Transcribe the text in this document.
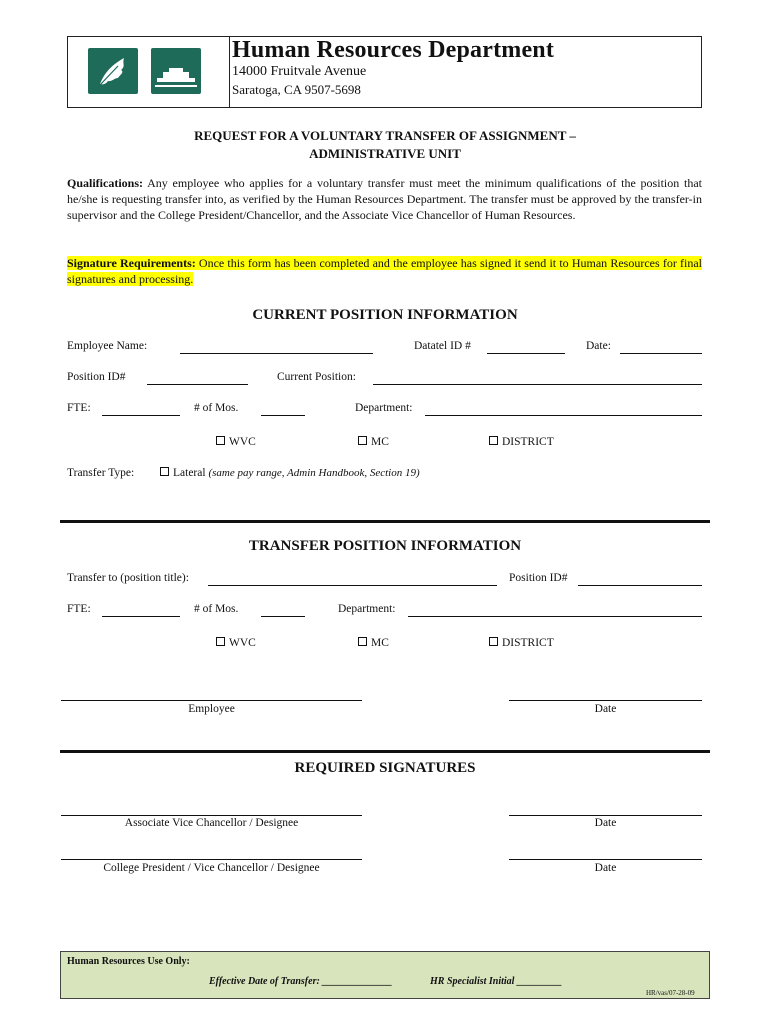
Human Resources Department
14000 Fruitvale Avenue
Saratoga, CA 9507-5698
REQUEST FOR A VOLUNTARY TRANSFER OF ASSIGNMENT –
ADMINISTRATIVE UNIT
Qualifications: Any employee who applies for a voluntary transfer must meet the minimum qualifications of the position that he/she is requesting transfer into, as verified by the Human Resources Department. The transfer must be approved by the transfer-in supervisor and the College President/Chancellor, and the Associate Vice Chancellor of Human Resources.
Signature Requirements: Once this form has been completed and the employee has signed it send it to Human Resources for final signatures and processing.
CURRENT POSITION INFORMATION
Employee Name:	Datatel ID #	Date:
Position ID#	Current Position:
FTE:	# of Mos.	Department:
WVC	MC	DISTRICT
Transfer Type:	Lateral (same pay range, Admin Handbook, Section 19)
TRANSFER POSITION INFORMATION
Transfer to (position title):	Position ID#
FTE:	# of Mos.	Department:
WVC	MC	DISTRICT
Employee	Date
REQUIRED SIGNATURES
Associate Vice Chancellor / Designee	Date
College President / Vice Chancellor / Designee	Date
Human Resources Use Only:
Effective Date of Transfer: ______________	HR Specialist Initial _________
HR/vas/07-28-09
